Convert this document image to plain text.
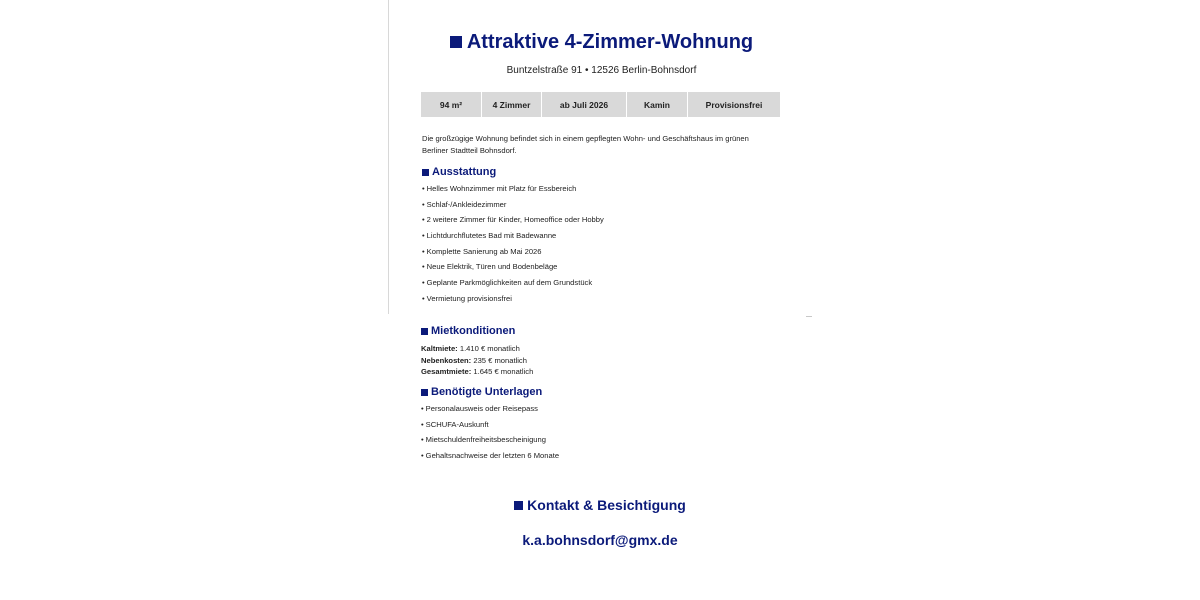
Attraktive 4-Zimmer-Wohnung
Buntzelstraße 91 • 12526 Berlin-Bohnsdorf
94 m²	4 Zimmer	ab Juli 2026	Kamin	Provisionsfrei
Die großzügige Wohnung befindet sich in einem gepflegten Wohn- und Geschäftshaus im grünen Berliner Stadtteil Bohnsdorf.
Ausstattung
• Helles Wohnzimmer mit Platz für Essbereich
• Schlaf-/Ankleidezimmer
• 2 weitere Zimmer für Kinder, Homeoffice oder Hobby
• Lichtdurchflutetes Bad mit Badewanne
• Komplette Sanierung ab Mai 2026
• Neue Elektrik, Türen und Bodenbeläge
• Geplante Parkmöglichkeiten auf dem Grundstück
• Vermietung provisionsfrei
Mietkonditionen
Kaltmiete: 1.410 € monatlich
Nebenkosten: 235 € monatlich
Gesamtmiete: 1.645 € monatlich
Benötigte Unterlagen
• Personalausweis oder Reisepass
• SCHUFA-Auskunft
• Mietschuldenfreiheitsbescheinigung
• Gehaltsnachweise der letzten 6 Monate
Kontakt & Besichtigung
k.a.bohnsdorf@gmx.de
